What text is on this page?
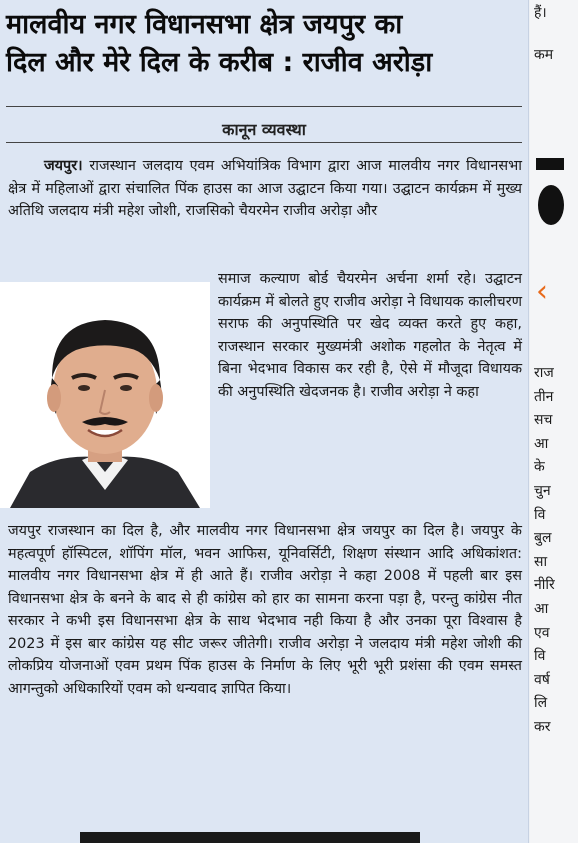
मालवीय नगर विधानसभा क्षेत्र जयपुर का
दिल और मेरे दिल के करीब : राजीव अरोड़ा
कानून व्यवस्था

जयपुर। राजस्थान जलदाय एवम अभियांत्रिक विभाग द्वारा आज मालवीय नगर विधानसभा क्षेत्र में महिलाओं द्वारा संचालित पिंक हाउस का आज उद्घाटन किया गया। उद्घाटन कार्यक्रम में मुख्य अतिथि जलदाय मंत्री महेश जोशी, राजसिको चैयरमेन राजीव अरोड़ा और

समाज कल्याण बोर्ड चैयरमेन अर्चना शर्मा रहे। उद्घाटन कार्यक्रम में बोलते हुए राजीव अरोड़ा ने विधायक कालीचरण सराफ की अनुपस्थिति पर खेद व्यक्त करते हुए कहा, राजस्थान सरकार मुख्यमंत्री अशोक गहलोत के नेतृत्व में बिना भेदभाव विकास कर रही है, ऐसे में मौजूदा विधायक की अनुपस्थिति खेदजनक है। राजीव अरोड़ा ने कहा

जयपुर राजस्थान का दिल है, और मालवीय नगर विधानसभा क्षेत्र जयपुर का दिल है। जयपुर के महत्वपूर्ण हॉस्पिटल, शॉपिंग मॉल, भवन आफिस, यूनिवर्सिटी, शिक्षण संस्थान आदि अधिकांशत: मालवीय नगर विधानसभा क्षेत्र में ही आते हैं। राजीव अरोड़ा ने कहा 2008 में पहली बार इस विधानसभा क्षेत्र के बनने के बाद से ही कांग्रेस को हार का सामना करना पड़ा है, परन्तु कांग्रेस नीत सरकार ने कभी इस विधानसभा क्षेत्र के साथ भेदभाव नही किया है और उनका पूरा विश्वास है 2023 में इस बार कांग्रेस यह सीट जरूर जीतेगी। राजीव अरोड़ा ने जलदाय मंत्री महेश जोशी की लोकप्रिय योजनाओं एवम प्रथम पिंक हाउस के निर्माण के लिए भूरी भूरी प्रशंसा की एवम समस्त आगन्तुको अधिकारियों एवम को धन्यवाद ज्ञापित किया।

हैं।
कम
‹
राज
तीन
सच
आ
के
चुन
वि
बुल
सा
नीरि
आ
एव
वि
वर्ष
लि
कर
